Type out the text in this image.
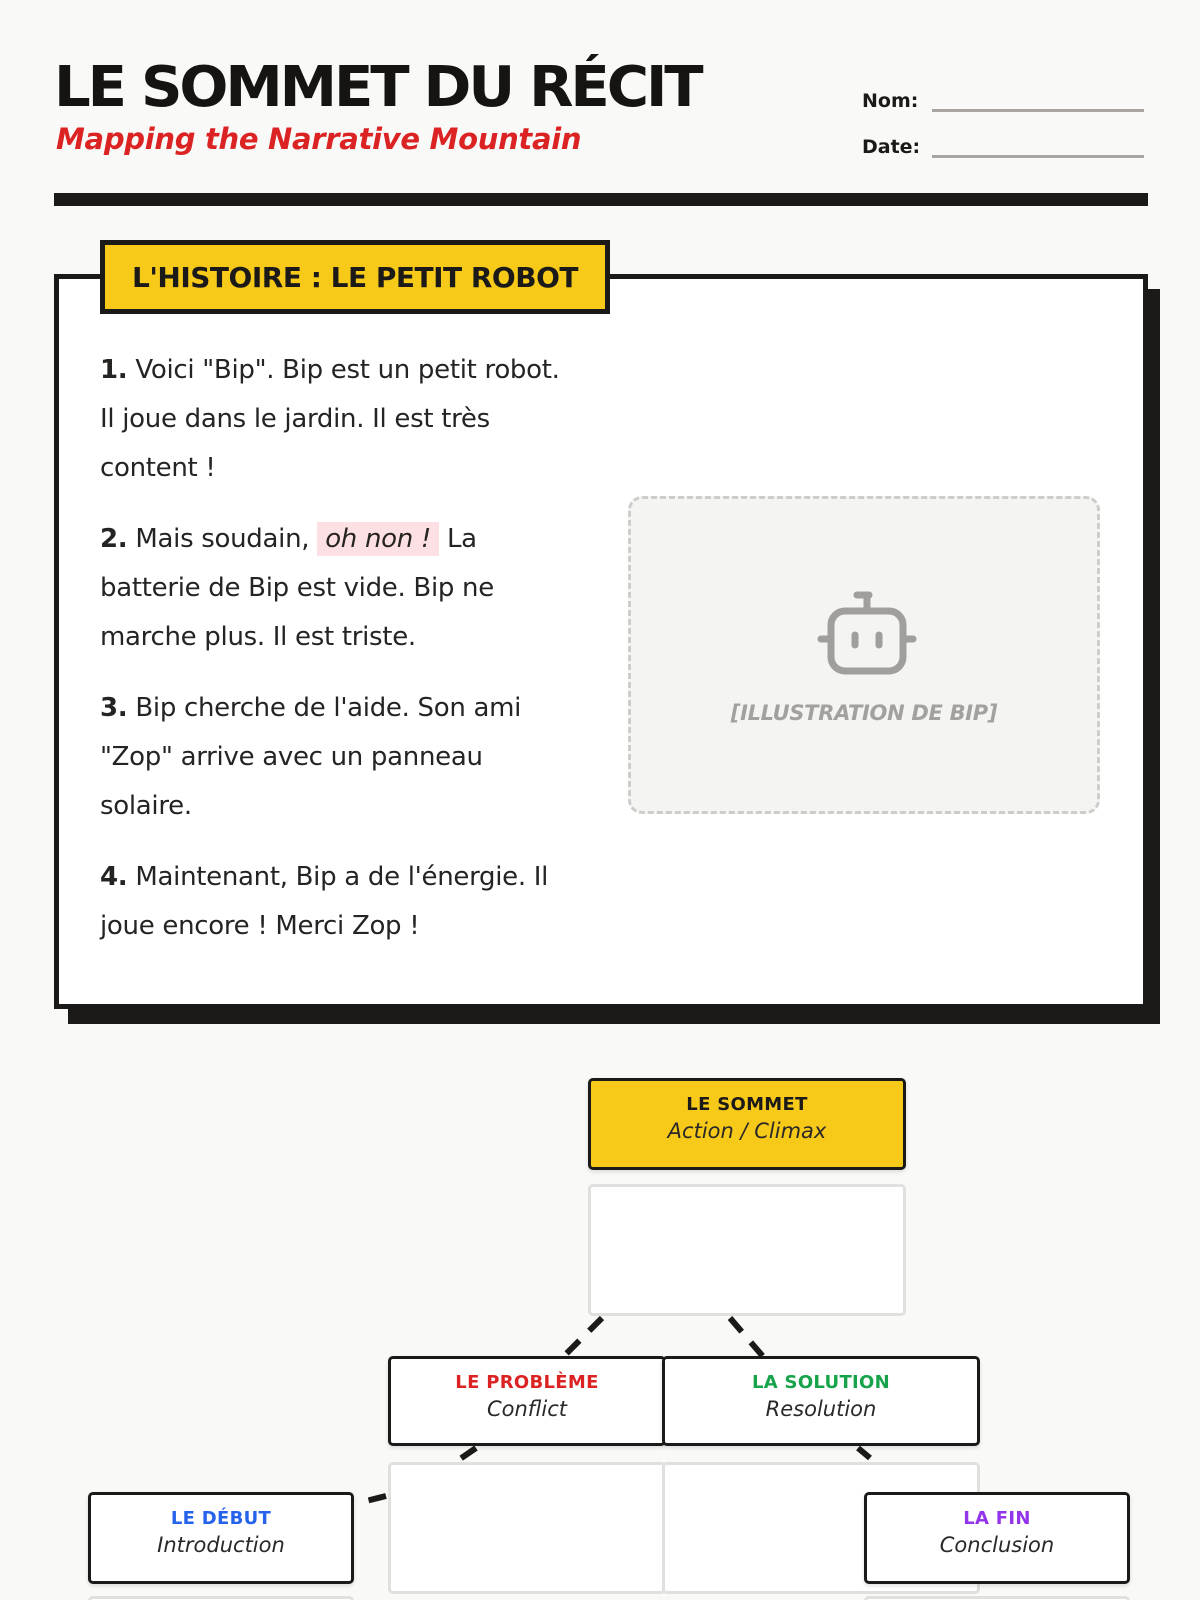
LE SOMMET DU RÉCIT
Mapping the Narrative Mountain
Nom:
Date:
L'HISTOIRE : LE PETIT ROBOT

1. Voici "Bip". Bip est un petit robot. Il joue dans le jardin. Il est très content !

2. Mais soudain, oh non ! La batterie de Bip est vide. Bip ne marche plus. Il est triste.

3. Bip cherche de l'aide. Son ami "Zop" arrive avec un panneau solaire.

4. Maintenant, Bip a de l'énergie. Il joue encore ! Merci Zop !

[ILLUSTRATION DE BIP]
LE SOMMET
Action / Climax
LE PROBLÈME
Conflict
LA SOLUTION
Resolution
LE DÉBUT
Introduction
LA FIN
Conclusion
